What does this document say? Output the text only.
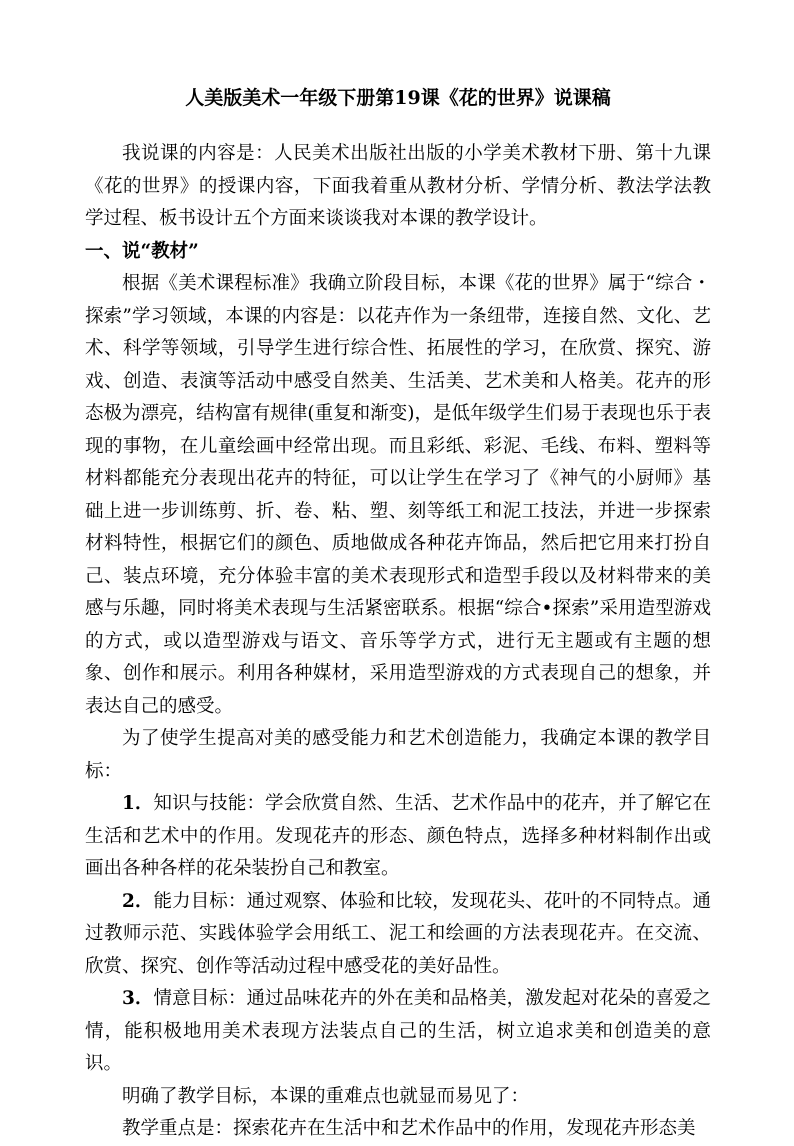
人美版美术一年级下册第19课《花的世界》说课稿

我说课的内容是：人民美术出版社出版的小学美术教材下册、第十九课《花的世界》的授课内容，下面我着重从教材分析、学情分析、教法学法教学过程、板书设计五个方面来谈谈我对本课的教学设计。

一、说“教材”

根据《美术课程标准》我确立阶段目标，本课《花的世界》属于“综合・探索”学习领域，本课的内容是：以花卉作为一条纽带，连接自然、文化、艺术、科学等领域，引导学生进行综合性、拓展性的学习，在欣赏、探究、游戏、创造、表演等活动中感受自然美、生活美、艺术美和人格美。花卉的形态极为漂亮，结构富有规律(重复和渐变)，是低年级学生们易于表现也乐于表现的事物，在儿童绘画中经常出现。而且彩纸、彩泥、毛线、布料、塑料等材料都能充分表现出花卉的特征，可以让学生在学习了《神气的小厨师》基础上进一步训练剪、折、卷、粘、塑、刻等纸工和泥工技法，并进一步探索材料特性，根据它们的颜色、质地做成各种花卉饰品，然后把它用来打扮自己、装点环境，充分体验丰富的美术表现形式和造型手段以及材料带来的美感与乐趣，同时将美术表现与生活紧密联系。根据“综合•探索”采用造型游戏的方式，或以造型游戏与语文、音乐等学方式，进行无主题或有主题的想象、创作和展示。利用各种媒材，采用造型游戏的方式表现自己的想象，并表达自己的感受。

为了使学生提高对美的感受能力和艺术创造能力，我确定本课的教学目标：

1．知识与技能：学会欣赏自然、生活、艺术作品中的花卉，并了解它在生活和艺术中的作用。发现花卉的形态、颜色特点，选择多种材料制作出或画出各种各样的花朵装扮自己和教室。

2．能力目标：通过观察、体验和比较，发现花头、花叶的不同特点。通过教师示范、实践体验学会用纸工、泥工和绘画的方法表现花卉。在交流、欣赏、探究、创作等活动过程中感受花的美好品性。

3．情意目标：通过品味花卉的外在美和品格美，激发起对花朵的喜爱之情，能积极地用美术表现方法装点自己的生活，树立追求美和创造美的意识。

明确了教学目标，本课的重难点也就显而易见了：

教学重点是：探索花卉在生活中和艺术作品中的作用，发现花卉形态美
